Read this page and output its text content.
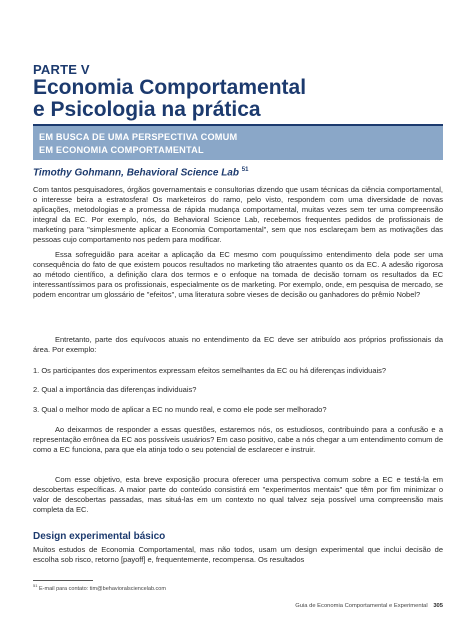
PARTE V
Economia Comportamental
e Psicologia na prática
EM BUSCA DE UMA PERSPECTIVA COMUM
EM ECONOMIA COMPORTAMENTAL
Timothy Gohmann, Behavioral Science Lab $^{51}$

Com tantos pesquisadores, órgãos governamentais e consultorias dizendo que usam técnicas da ciência comportamental, o interesse beira a estratosfera! Os marketeiros do ramo, pelo visto, respondem com uma diversidade de novas aplicações, metodologias e a promessa de rápida mudança comportamental, muitas vezes sem ter uma compreensão integral da EC. Por exemplo, nós, do Behavioral Science Lab, recebemos frequentes pedidos de profissionais de marketing para "simplesmente aplicar a Economia Comportamental", sem que nos esclareçam bem as motivações das pessoas cujo comportamento nos pedem para modificar.

Essa sofreguidão para aceitar a aplicação da EC mesmo com pouquíssimo entendimento dela pode ser uma consequência do fato de que existem poucos resultados no marketing tão atraentes quanto os da EC. A adesão rigorosa ao método científico, a definição clara dos termos e o enfoque na tomada de decisão tornam os resultados da EC interessantíssimos para os profissionais, especialmente os de marketing. Por exemplo, onde, em pesquisa de mercado, se podem encontrar um glossário de "efeitos", uma literatura sobre vieses de decisão ou ganhadores do prêmio Nobel?

Entretanto, parte dos equívocos atuais no entendimento da EC deve ser atribuído aos próprios profissionais da área. Por exemplo:

1. Os participantes dos experimentos expressam efeitos semelhantes da EC ou há diferenças individuais?

2. Qual a importância das diferenças individuais?

3. Qual o melhor modo de aplicar a EC no mundo real, e como ele pode ser melhorado?

Ao deixarmos de responder a essas questões, estaremos nós, os estudiosos, contribuindo para a confusão e a representação errônea da EC aos possíveis usuários? Em caso positivo, cabe a nós chegar a um entendimento comum de como a EC funciona, para que ela atinja todo o seu potencial de esclarecer e instruir.

Com esse objetivo, esta breve exposição procura oferecer uma perspectiva comum sobre a EC e testá-la em descobertas específicas. A maior parte do conteúdo consistirá em "experimentos mentais" que têm por fim minimizar o valor de descobertas passadas, mas situá-las em um contexto no qual talvez seja possível uma compreensão mais completa da EC.

Design experimental básico

Muitos estudos de Economia Comportamental, mas não todos, usam um design experimental que inclui decisão de escolha sob risco, retorno [payoff] e, frequentemente, recompensa. Os resultados

$^{51}$ E-mail para contato: tim@behavioralsciencelab.com
Guia de Economia Comportamental e Experimental 305
